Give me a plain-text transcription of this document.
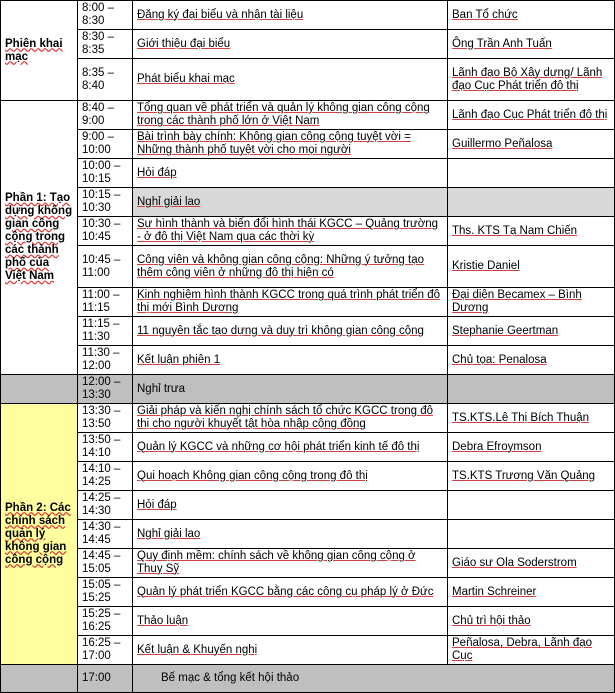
Phiên khai mạc	8:00 – 8:30	Đăng ký đại biểu và nhận tài liệu	Ban Tổ chức
	8:30 – 8:35	Giới thiệu đại biểu	Ông Trần Anh Tuấn
	8:35 – 8:40	Phát biểu khai mạc	Lãnh đạo Bộ Xây dựng/ Lãnh đạo Cục Phát triển đô thị
Phần 1: Tạo dựng không gian công cộng trong các thành phố của Việt Nam	8:40 – 9:00	Tổng quan về phát triển và quản lý không gian công cộng trong các thành phố lớn ở Việt Nam	Lãnh đạo Cục Phát triển đô thị
	9:00 – 10:00	Bài trình bày chính: Không gian công cộng tuyệt vời = Những thành phố tuyệt vời cho mọi người	Guillermo Peñalosa
	10:00 – 10:15	Hỏi đáp	
	10:15 – 10:30	Nghỉ giải lao	
	10:30 – 10:45	Sự hình thành và biến đổi hình thái KGCC – Quảng trường - ở đô thị Việt Nam qua các thời kỳ	Ths. KTS Tạ Nam Chiến
	10:45 – 11:00	Công viên và không gian công cộng: Những ý tưởng tạo thêm công viên ở những đô thị hiện có	Kristie Daniel
	11:00 – 11:15	Kinh nghiệm hình thành KGCC trong quá trình phát triển đô thị mới Bình Dương	Đại diện Becamex – Bình Dương
	11:15 – 11:30	11 nguyên tắc tạo dựng và duy trì không gian công cộng	Stephanie Geertman
	11:30 – 12:00	Kết luận phiên 1	Chủ tọa: Penalosa
	12:00 – 13:30	Nghỉ trưa	
Phần 2: Các chính sách quản lý không gian công cộng	13:30 – 13:50	Giải pháp và kiến nghị chính sách tổ chức KGCC trong đô thị cho người khuyết tật hòa nhập cộng đồng	TS.KTS.Lê Thị Bích Thuận
	13:50 – 14:10	Quản lý KGCC và những cơ hội phát triển kinh tế đô thị	Debra Efroymson
	14:10 – 14:25	Qui hoạch Không gian công cộng trong đô thị	TS.KTS Trương Văn Quảng
	14:25 – 14:30	Hỏi đáp	
	14:30 – 14:45	Nghỉ giải lao	
	14:45 – 15:05	Quy định mềm: chính sách về không gian công cộng ở Thuỵ Sỹ	Giáo sư Ola Soderstrom
	15:05 – 15:25	Quản lý phát triển KGCC bằng các công cụ pháp lý ở Đức	Martin Schreiner
	15:25 – 16:25	Thảo luận	Chủ trì hội thảo
	16:25 – 17:00	Kết luận & Khuyến nghị	Peñalosa, Debra, Lãnh đạo Cục
	17:00	Bế mạc & tổng kết hội thảo	
